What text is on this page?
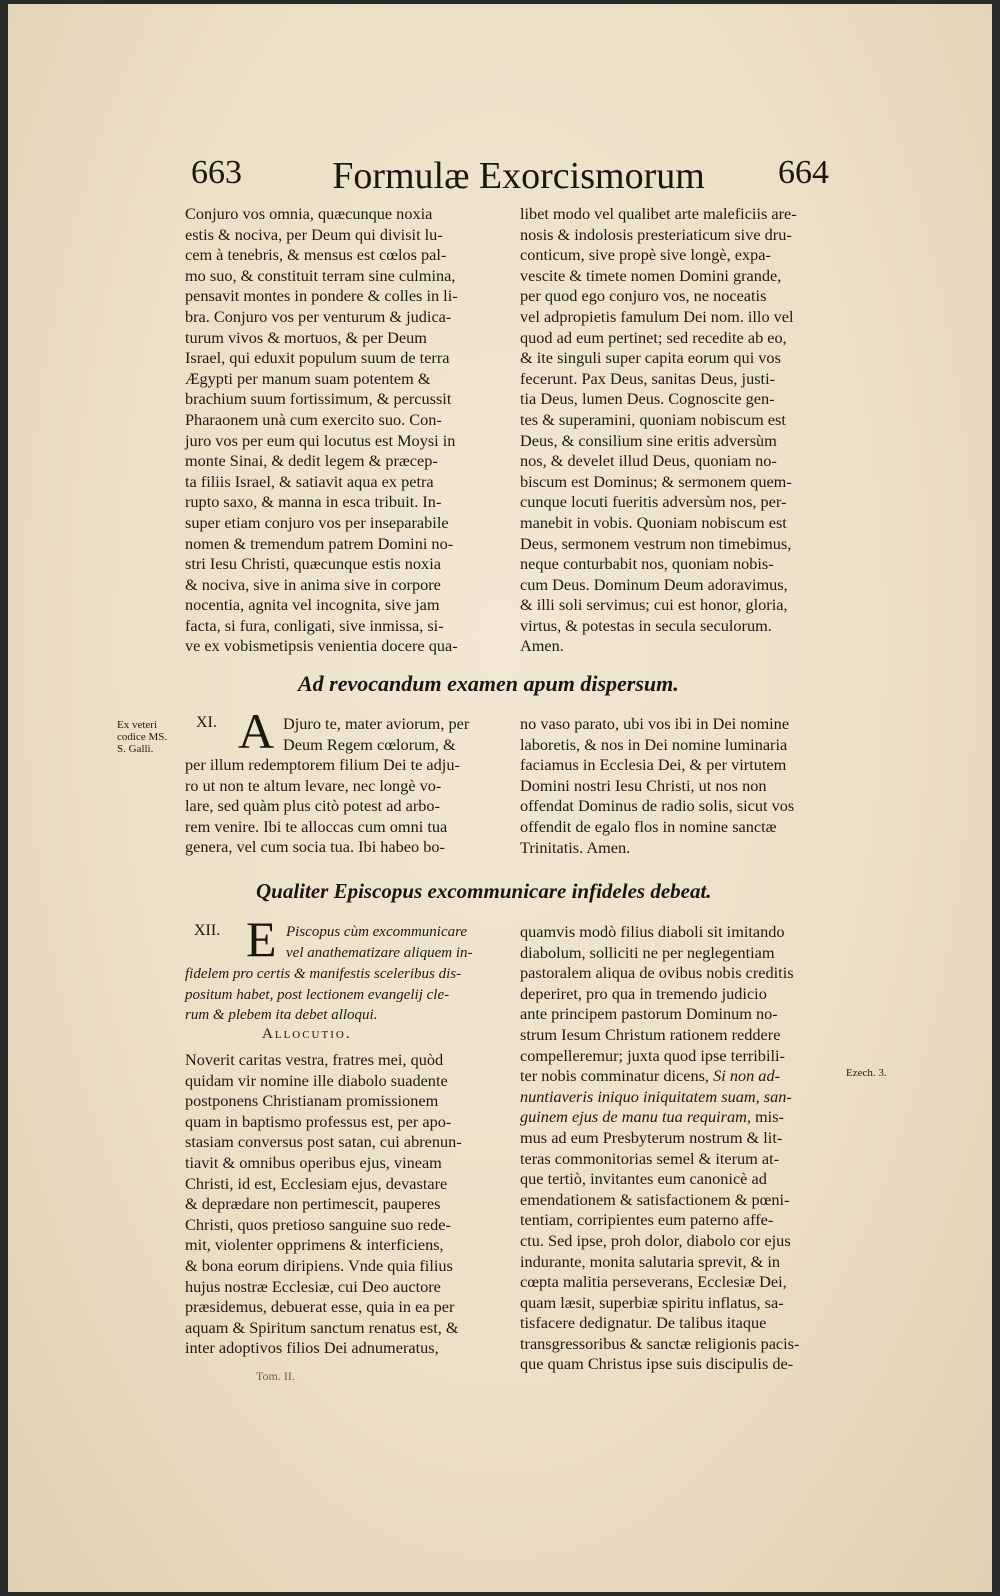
663 Formulæ Exorcismorum 664
Conjuro vos omnia, quæcunque noxia
estis & nociva, per Deum qui divisit lu-
cem à tenebris, & mensus est cœlos pal-
mo suo, & constituit terram sine culmina,
pensavit montes in pondere & colles in li-
bra. Conjuro vos per venturum & judica-
turum vivos & mortuos, & per Deum
Israel, qui eduxit populum suum de terra
Ægypti per manum suam potentem &
brachium suum fortissimum, & percussit
Pharaonem unà cum exercito suo. Con-
juro vos per eum qui locutus est Moysi in
monte Sinai, & dedit legem & præcep-
ta filiis Israel, & satiavit aqua ex petra
rupto saxo, & manna in esca tribuit. In-
super etiam conjuro vos per inseparabile
nomen & tremendum patrem Domini no-
stri Iesu Christi, quæcunque estis noxia
& nociva, sive in anima sive in corpore
nocentia, agnita vel incognita, sive jam
facta, si fura, conligati, sive inmissa, si-
ve ex vobismetipsis venientia docere qua-
libet modo vel qualibet arte maleficiis are-
nosis & indolosis presteriaticum sive dru-
conticum, sive propè sive longè, expa-
vescite & timete nomen Domini grande,
per quod ego conjuro vos, ne noceatis
vel adpropietis famulum Dei nom. illo vel
quod ad eum pertinet; sed recedite ab eo,
& ite singuli super capita eorum qui vos
fecerunt. Pax Deus, sanitas Deus, justi-
tia Deus, lumen Deus. Cognoscite gen-
tes & superamini, quoniam nobiscum est
Deus, & consilium sine eritis adversùm
nos, & develet illud Deus, quoniam no-
biscum est Dominus; & sermonem quem-
cunque locuti fueritis adversùm nos, per-
manebit in vobis. Quoniam nobiscum est
Deus, sermonem vestrum non timebimus,
neque conturbabit nos, quoniam nobis-
cum Deus. Dominum Deum adoravimus,
& illi soli servimus; cui est honor, gloria,
virtus, & potestas in secula seculorum.
Amen.
Ad revocandum examen apum dispersum.
Ex veteri
codice MS.
S. Galli.
XI. A Djuro te, mater aviorum, per
Deum Regem cœlorum, &
per illum redemptorem filium Dei te adju-
ro ut non te altum levare, nec longè vo-
lare, sed quàm plus citò potest ad arbo-
rem venire. Ibi te alloccas cum omni tua
genera, vel cum socia tua. Ibi habeo bo-
no vaso parato, ubi vos ibi in Dei nomine
laboretis, & nos in Dei nomine luminaria
faciamus in Ecclesia Dei, & per virtutem
Domini nostri Iesu Christi, ut nos non
offendat Dominus de radio solis, sicut vos
offendit de egalo flos in nomine sanctæ
Trinitatis. Amen.
Qualiter Episcopus excommunicare infideles debeat.
XII. E Piscopus cùm excommunicare
vel anathematizare aliquem in-
fidelem pro certis & manifestis sceleribus dis-
positum habet, post lectionem evangelij cle-
rum & plebem ita debet alloqui.
Allocutio.
Noverit caritas vestra, fratres mei, quòd
quidam vir nomine ille diabolo suadente
postponens Christianam promissionem
quam in baptismo professus est, per apo-
stasiam conversus post satan, cui abrenun-
tiavit & omnibus operibus ejus, vineam
Christi, id est, Ecclesiam ejus, devastare
& deprædare non pertimescit, pauperes
Christi, quos pretioso sanguine suo rede-
mit, violenter opprimens & interficiens,
& bona eorum diripiens. Vnde quia filius
hujus nostræ Ecclesiæ, cui Deo auctore
præsidemus, debuerat esse, quia in ea per
aquam & Spiritum sanctum renatus est, &
inter adoptivos filios Dei adnumeratus,
quamvis modò filius diaboli sit imitando
diabolum, solliciti ne per neglegentiam
pastoralem aliqua de ovibus nobis creditis
deperiret, pro qua in tremendo judicio
ante principem pastorum Dominum no-
strum Iesum Christum rationem reddere
compelleremur; juxta quod ipse terribili-
ter nobis comminatur dicens, Si non ad-
nuntiaveris iniquo iniquitatem suam, san-
guinem ejus de manu tua requiram, mis-
mus ad eum Presbyterum nostrum & lit-
teras commonitorias semel & iterum at-
que tertiò, invitantes eum canonicè ad
emendationem & satisfactionem & pœni-
tentiam, corripientes eum paterno affe-
ctu. Sed ipse, proh dolor, diabolo cor ejus
indurante, monita salutaria sprevit, & in
cœpta malitia perseverans, Ecclesiæ Dei,
quam læsit, superbiæ spiritu inflatus, sa-
tisfacere dedignatur. De talibus itaque
transgressoribus & sanctæ religionis pacis-
que quam Christus ipse suis discipulis de-
Ezech. 3.
Tom. II.
